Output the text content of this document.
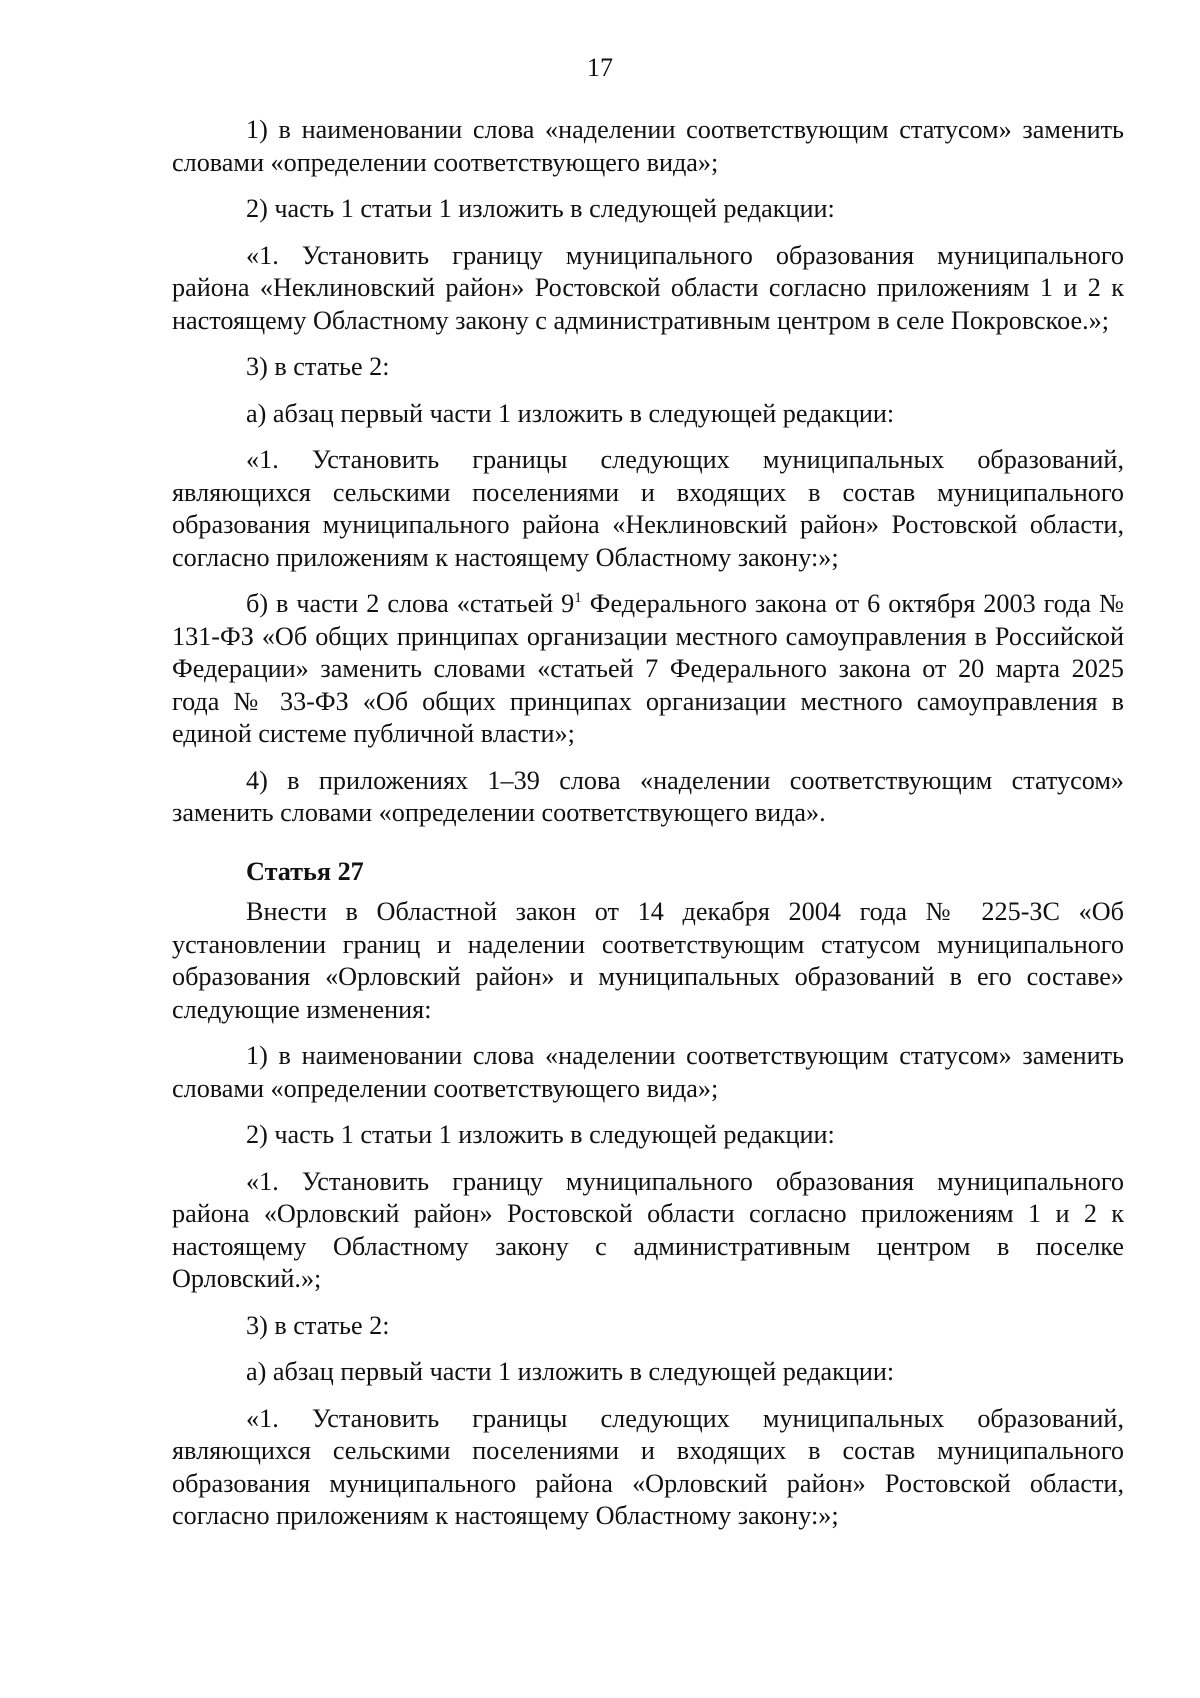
17

1) в наименовании слова «наделении соответствующим статусом» заменить словами «определении соответствующего вида»;

2) часть 1 статьи 1 изложить в следующей редакции:

«1. Установить границу муниципального образования муниципального района «Неклиновский район» Ростовской области согласно приложениям 1 и 2 к настоящему Областному закону с административным центром в селе Покровское.»;

3) в статье 2:

а) абзац первый части 1 изложить в следующей редакции:

«1. Установить границы следующих муниципальных образований, являющихся сельскими поселениями и входящих в состав муниципального образования муниципального района «Неклиновский район» Ростовской области, согласно приложениям к настоящему Областному закону:»;

б) в части 2 слова «статьей $9^1$ Федерального закона от 6 октября 2003 года № 131-ФЗ «Об общих принципах организации местного самоуправления в Российской Федерации» заменить словами «статьей 7 Федерального закона от 20 марта 2025 года № 33-ФЗ «Об общих принципах организации местного самоуправления в единой системе публичной власти»;

4) в приложениях 1–39 слова «наделении соответствующим статусом» заменить словами «определении соответствующего вида».

Статья 27

Внести в Областной закон от 14 декабря 2004 года № 225-ЗС «Об установлении границ и наделении соответствующим статусом муниципального образования «Орловский район» и муниципальных образований в его составе» следующие изменения:

1) в наименовании слова «наделении соответствующим статусом» заменить словами «определении соответствующего вида»;

2) часть 1 статьи 1 изложить в следующей редакции:

«1. Установить границу муниципального образования муниципального района «Орловский район» Ростовской области согласно приложениям 1 и 2 к настоящему Областному закону с административным центром в поселке Орловский.»;

3) в статье 2:

а) абзац первый части 1 изложить в следующей редакции:

«1. Установить границы следующих муниципальных образований, являющихся сельскими поселениями и входящих в состав муниципального образования муниципального района «Орловский район» Ростовской области, согласно приложениям к настоящему Областному закону:»;
